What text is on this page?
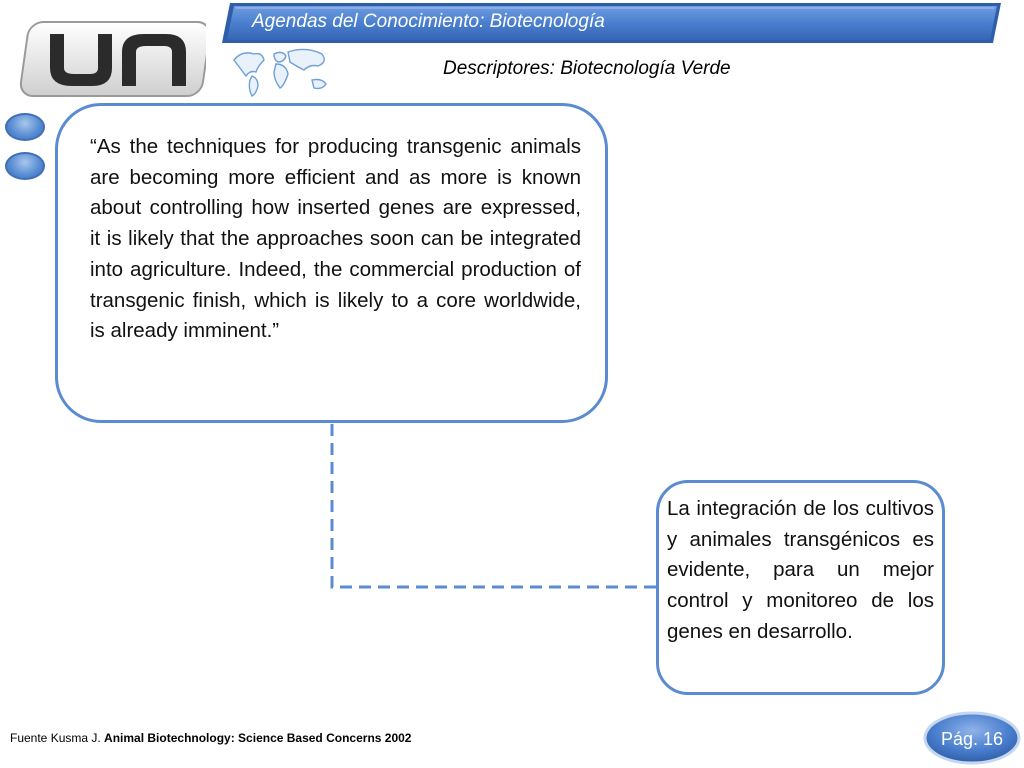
Agendas del Conocimiento: Biotecnología
Descriptores: Biotecnología Verde
“As the techniques for producing transgenic animals are becoming more efficient and as more is known about controlling how inserted genes are expressed, it is likely that the approaches soon can be integrated into agriculture. Indeed, the commercial production of transgenic finish, which is likely to a core worldwide, is already imminent.”
La integración de los cultivos y animales transgénicos es evidente, para un mejor control y monitoreo de los genes en desarrollo.
Fuente Kusma J. Animal Biotechnology: Science Based Concerns 2002	Pág. 16
